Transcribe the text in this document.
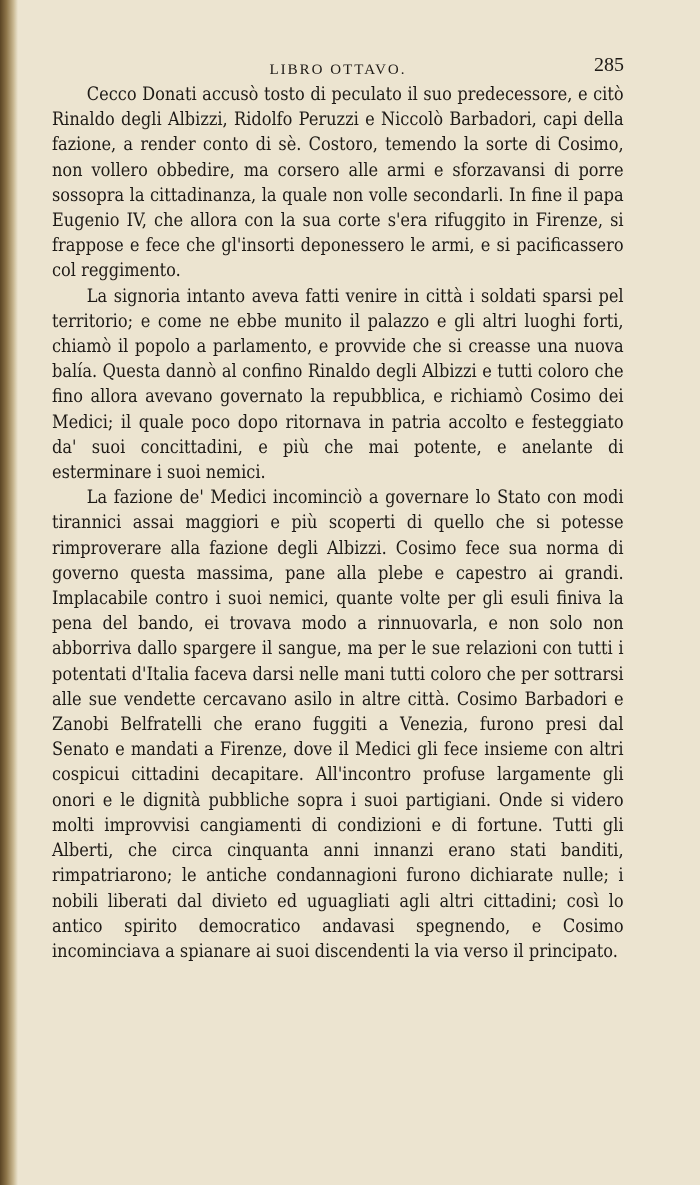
LIBRO OTTAVO.	285

Cecco Donati accusò tosto di peculato il suo predecessore, e citò Rinaldo degli Albizzi, Ridolfo Peruzzi e Niccolò Barbadori, capi della fazione, a render conto di sè. Costoro, temendo la sorte di Cosimo, non vollero obbedire, ma corsero alle armi e sforzavansi di porre sossopra la cittadinanza, la quale non volle secondarli. In fine il papa Eugenio IV, che allora con la sua corte s'era rifuggito in Firenze, si frappose e fece che gl'insorti deponessero le armi, e si pacificassero col reggimento.

La signoria intanto aveva fatti venire in città i soldati sparsi pel territorio; e come ne ebbe munito il palazzo e gli altri luoghi forti, chiamò il popolo a parlamento, e provvide che si creasse una nuova balía. Questa dannò al confino Rinaldo degli Albizzi e tutti coloro che fino allora avevano governato la repubblica, e richiamò Cosimo dei Medici; il quale poco dopo ritornava in patria accolto e festeggiato da' suoi concittadini, e più che mai potente, e anelante di esterminare i suoi nemici.

La fazione de' Medici incominciò a governare lo Stato con modi tirannici assai maggiori e più scoperti di quello che si potesse rimproverare alla fazione degli Albizzi. Cosimo fece sua norma di governo questa massima, pane alla plebe e capestro ai grandi. Implacabile contro i suoi nemici, quante volte per gli esuli finiva la pena del bando, ei trovava modo a rinnuovarla, e non solo non abborriva dallo spargere il sangue, ma per le sue relazioni con tutti i potentati d'Italia faceva darsi nelle mani tutti coloro che per sottrarsi alle sue vendette cercavano asilo in altre città. Cosimo Barbadori e Zanobi Belfratelli che erano fuggiti a Venezia, furono presi dal Senato e mandati a Firenze, dove il Medici gli fece insieme con altri cospicui cittadini decapitare. All'incontro profuse largamente gli onori e le dignità pubbliche sopra i suoi partigiani. Onde si videro molti improvvisi cangiamenti di condizioni e di fortune. Tutti gli Alberti, che circa cinquanta anni innanzi erano stati banditi, rimpatriarono; le antiche condannagioni furono dichiarate nulle; i nobili liberati dal divieto ed uguagliati agli altri cittadini; così lo antico spirito democratico andavasi spegnendo, e Cosimo incominciava a spianare ai suoi discendenti la via verso il principato.
